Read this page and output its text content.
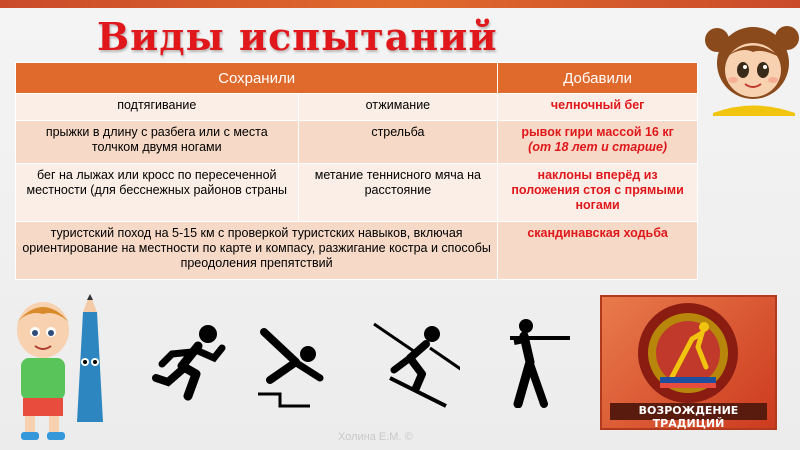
Виды испытаний
Сохранили		Добавили
подтягивание	отжимание	челночный бег
прыжки в длину с разбега или с места толчком двумя ногами	стрельба	рывок гири массой 16 кг
(от 18 лет и старше)
бег на лыжах или кросс по пересеченной местности (для бесснежных районов страны	метание теннисного мяча на расстояние	наклоны вперёд из положения стоя с прямыми ногами
туристский поход на 5-15 км с проверкой туристских навыков, включая ориентирование на местности по карте и компасу, разжигание костра и способы преодоления препятствий		скандинавская ходьба
ВОЗРОЖДЕНИЕ ТРАДИЦИЙ
Холина Е.М. ©
